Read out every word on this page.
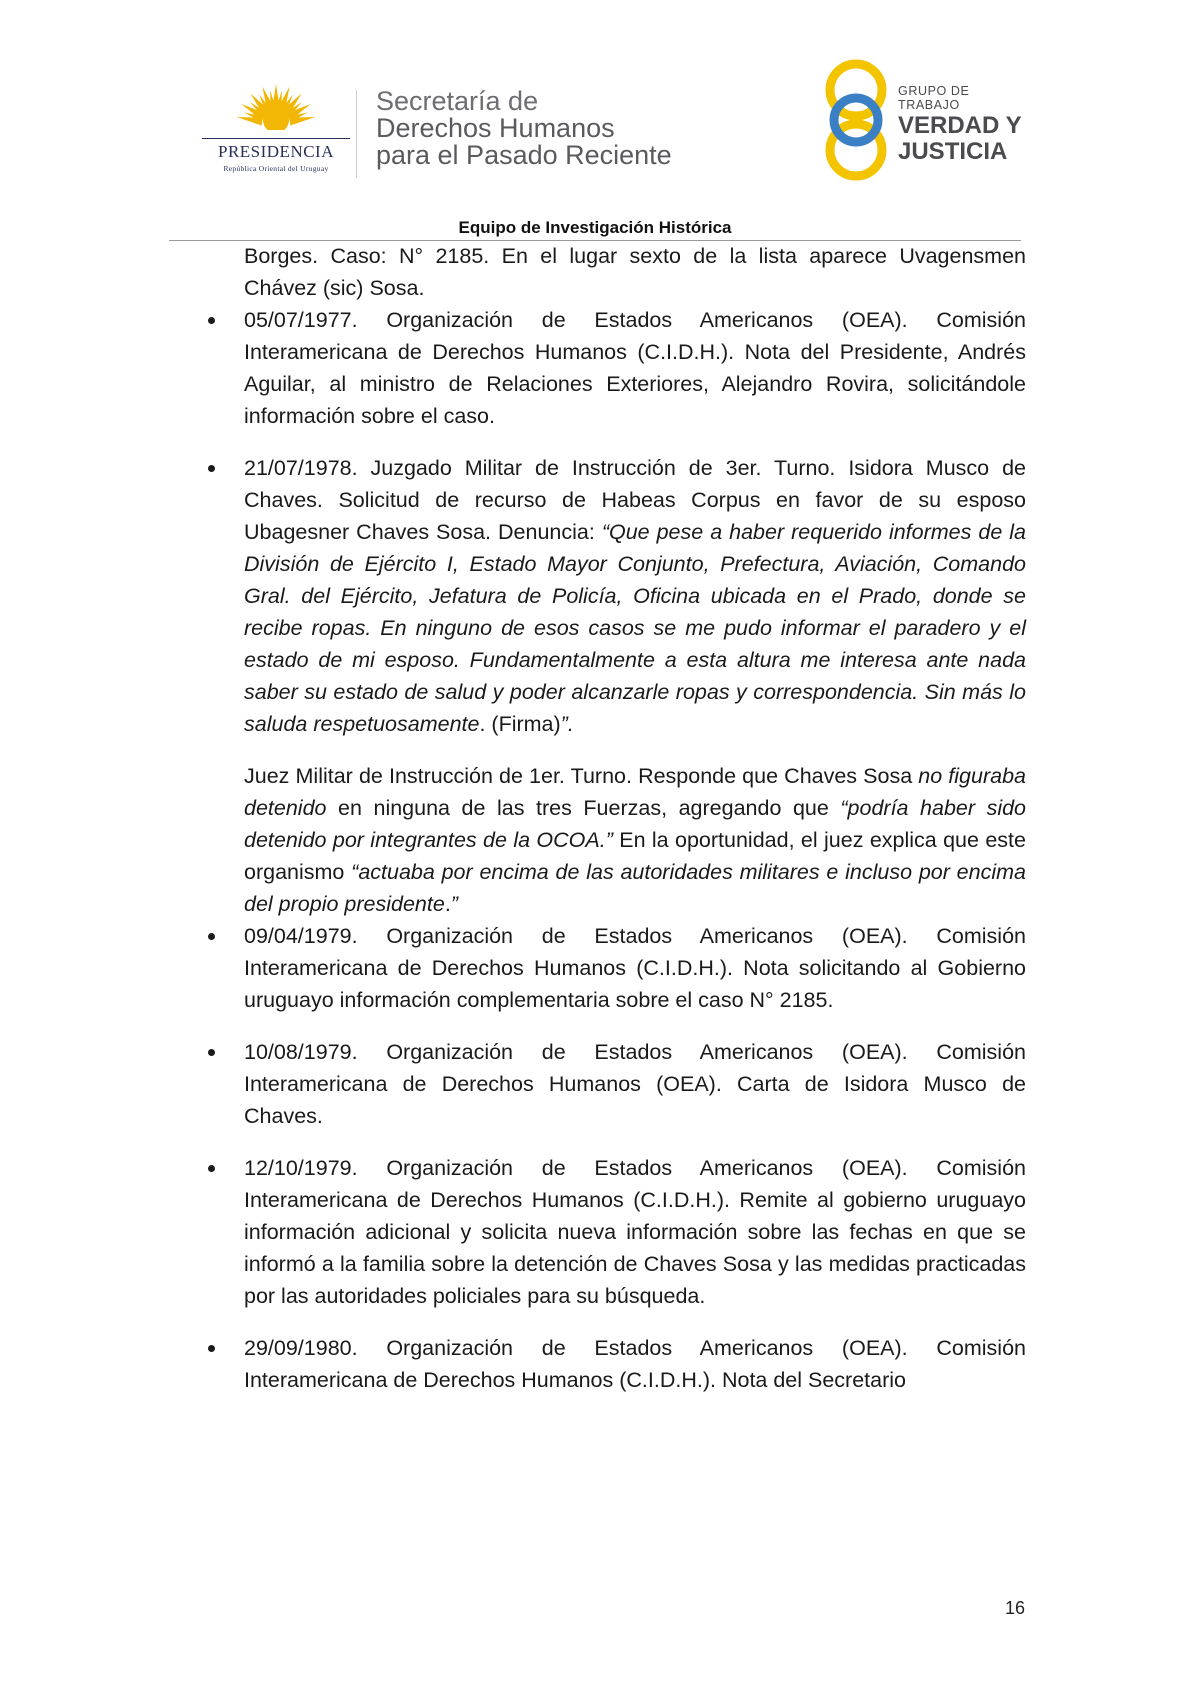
PRESIDENCIA
República Oriental del Uruguay
Secretaría de
Derechos Humanos
para el Pasado Reciente
GRUPO DE TRABAJO
VERDAD Y
JUSTICIA
Equipo de Investigación Histórica

Borges. Caso: N° 2185. En el lugar sexto de la lista aparece Uvagensmen Chávez (sic) Sosa.

05/07/1977. Organización de Estados Americanos (OEA). Comisión Interamericana de Derechos Humanos (C.I.D.H.). Nota del Presidente, Andrés Aguilar, al ministro de Relaciones Exteriores, Alejandro Rovira, solicitándole información sobre el caso.

21/07/1978. Juzgado Militar de Instrucción de 3er. Turno. Isidora Musco de Chaves. Solicitud de recurso de Habeas Corpus en favor de su esposo Ubagesner Chaves Sosa. Denuncia: “Que pese a haber requerido informes de la División de Ejército I, Estado Mayor Conjunto, Prefectura, Aviación, Comando Gral. del Ejército, Jefatura de Policía, Oficina ubicada en el Prado, donde se recibe ropas. En ninguno de esos casos se me pudo informar el paradero y el estado de mi esposo. Fundamentalmente a esta altura me interesa ante nada saber su estado de salud y poder alcanzarle ropas y correspondencia. Sin más lo saluda respetuosamente. (Firma)”.

Juez Militar de Instrucción de 1er. Turno. Responde que Chaves Sosa no figuraba detenido en ninguna de las tres Fuerzas, agregando que “podría haber sido detenido por integrantes de la OCOA.” En la oportunidad, el juez explica que este organismo “actuaba por encima de las autoridades militares e incluso por encima del propio presidente.”

09/04/1979. Organización de Estados Americanos (OEA). Comisión Interamericana de Derechos Humanos (C.I.D.H.). Nota solicitando al Gobierno uruguayo información complementaria sobre el caso N° 2185.

10/08/1979. Organización de Estados Americanos (OEA). Comisión Interamericana de Derechos Humanos (OEA). Carta de Isidora Musco de Chaves.

12/10/1979. Organización de Estados Americanos (OEA). Comisión Interamericana de Derechos Humanos (C.I.D.H.). Remite al gobierno uruguayo información adicional y solicita nueva información sobre las fechas en que se informó a la familia sobre la detención de Chaves Sosa y las medidas practicadas por las autoridades policiales para su búsqueda.

29/09/1980. Organización de Estados Americanos (OEA). Comisión Interamericana de Derechos Humanos (C.I.D.H.). Nota del Secretario

16
